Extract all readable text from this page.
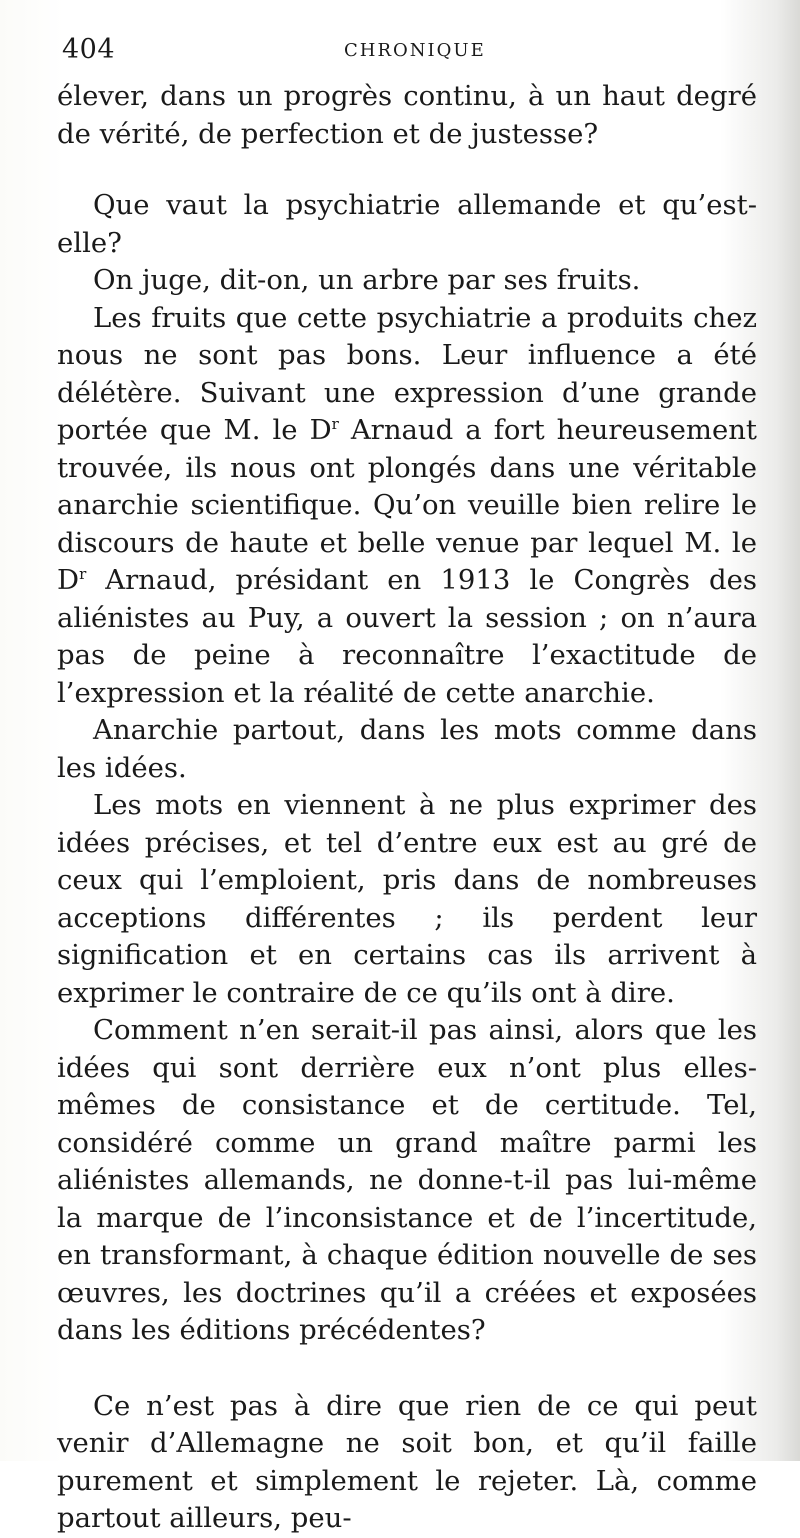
404	CHRONIQUE

élever, dans un progrès continu, à un haut degré de vérité, de perfection et de justesse?

Que vaut la psychiatrie allemande et qu’est-elle?

On juge, dit-on, un arbre par ses fruits.

Les fruits que cette psychiatrie a produits chez nous ne sont pas bons. Leur influence a été délétère. Suivant une expression d’une grande portée que M. le $D^r$ Arnaud a fort heureusement trouvée, ils nous ont plongés dans une véritable anarchie scientifique. Qu’on veuille bien relire le discours de haute et belle venue par lequel M. le $D^r$ Arnaud, présidant en 1913 le Congrès des aliénistes au Puy, a ouvert la session ; on n’aura pas de peine à reconnaître l’exactitude de l’expression et la réalité de cette anarchie.

Anarchie partout, dans les mots comme dans les idées.

Les mots en viennent à ne plus exprimer des idées précises, et tel d’entre eux est au gré de ceux qui l’emploient, pris dans de nombreuses acceptions différentes ; ils perdent leur signification et en certains cas ils arrivent à exprimer le contraire de ce qu’ils ont à dire.

Comment n’en serait-il pas ainsi, alors que les idées qui sont derrière eux n’ont plus elles-mêmes de consistance et de certitude. Tel, considéré comme un grand maître parmi les aliénistes allemands, ne donne-t-il pas lui-même la marque de l’inconsistance et de l’incertitude, en transformant, à chaque édition nouvelle de ses œuvres, les doctrines qu’il a créées et exposées dans les éditions précédentes?

Ce n’est pas à dire que rien de ce qui peut venir d’Allemagne ne soit bon, et qu’il faille purement et simplement le rejeter. Là, comme partout ailleurs, peu-
